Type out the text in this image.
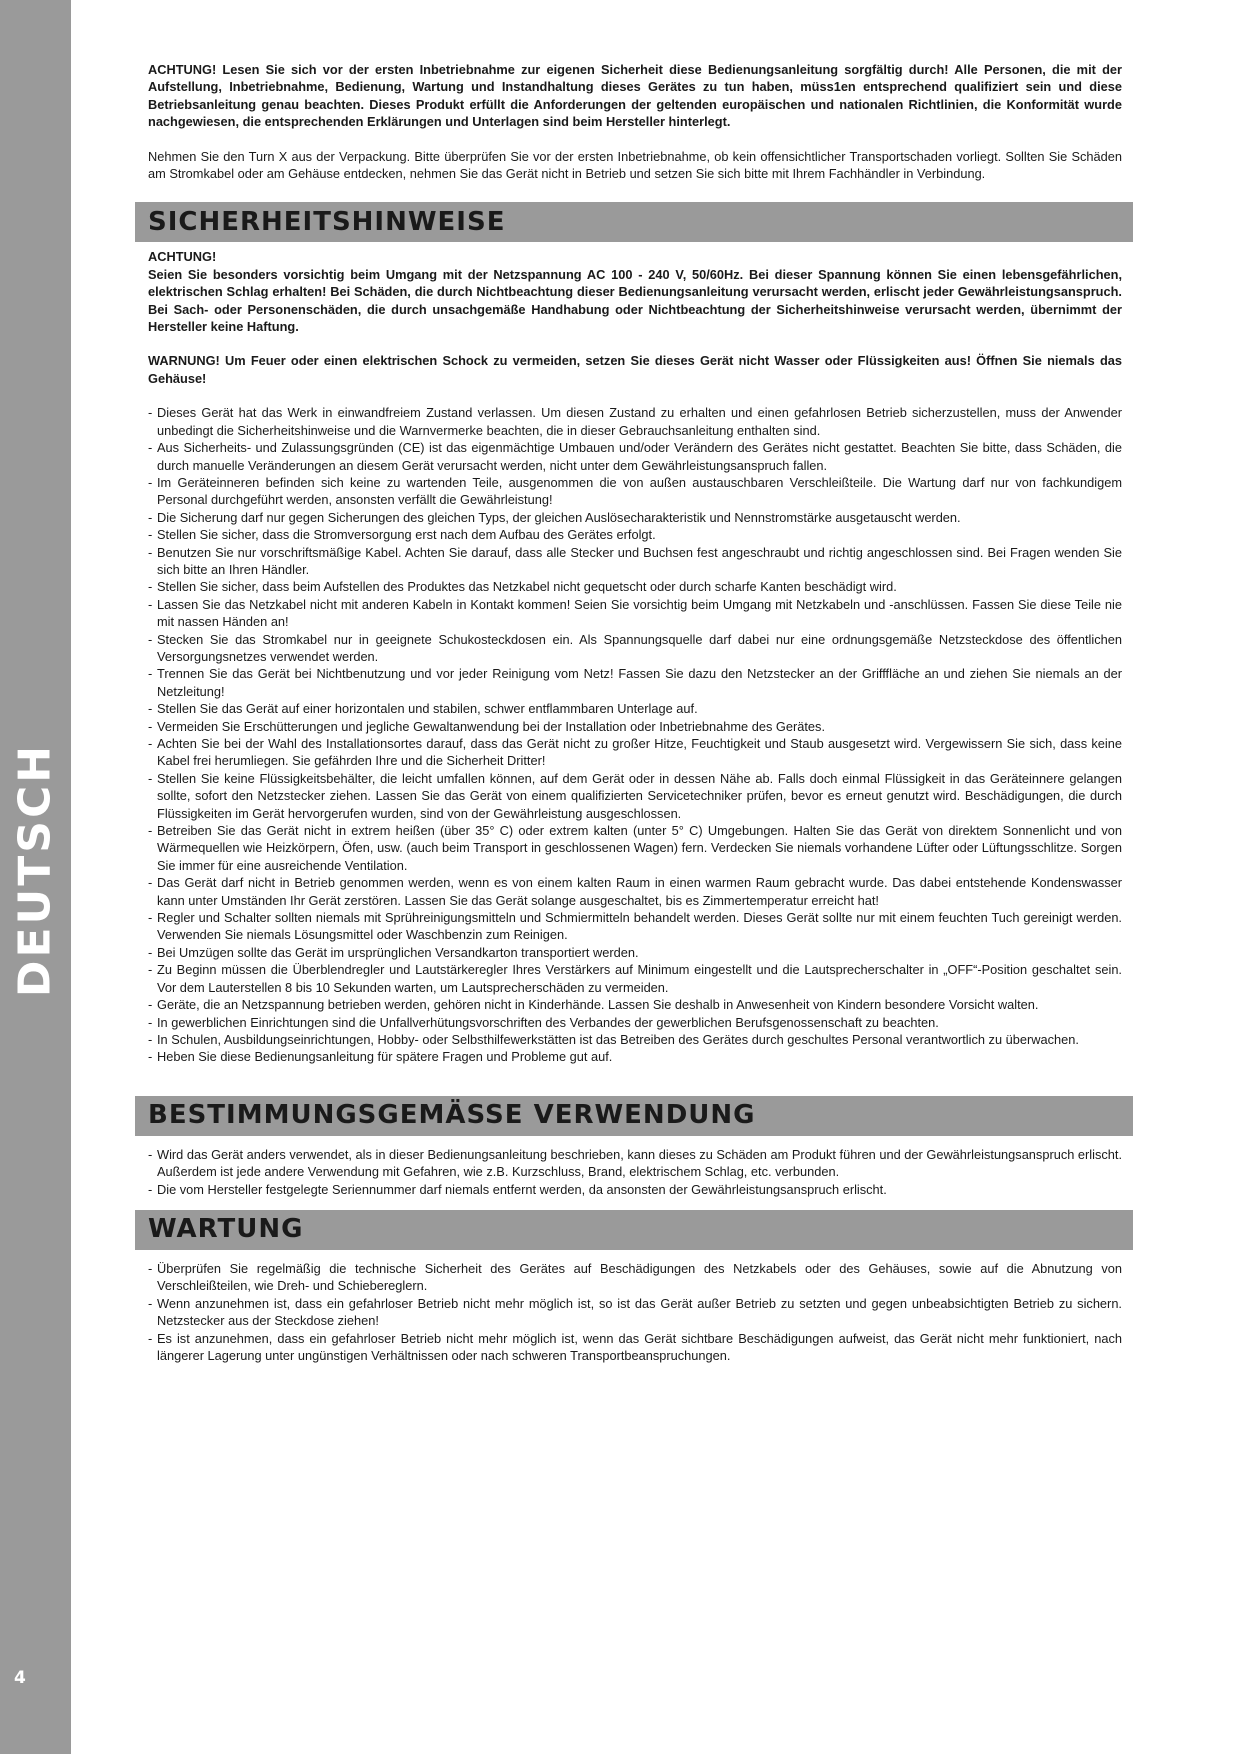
DEUTSCH
4

ACHTUNG! Lesen Sie sich vor der ersten Inbetriebnahme zur eigenen Sicherheit diese Bedienungsanleitung sorgfältig durch! Alle Personen, die mit der Aufstellung, Inbetriebnahme, Bedienung, Wartung und Instandhaltung dieses Gerätes zu tun haben, müss1en entsprechend qualifiziert sein und diese Betriebsanleitung genau beachten. Dieses Produkt erfüllt die Anforderungen der geltenden europäischen und nationalen Richtlinien, die Konformität wurde nachgewiesen, die entsprechenden Erklärungen und Unterlagen sind beim Hersteller hinterlegt.

Nehmen Sie den Turn X aus der Verpackung. Bitte überprüfen Sie vor der ersten Inbetriebnahme, ob kein offensichtlicher Transportschaden vorliegt. Sollten Sie Schäden am Stromkabel oder am Gehäuse entdecken, nehmen Sie das Gerät nicht in Betrieb und setzen Sie sich bitte mit Ihrem Fachhändler in Verbindung.

SICHERHEITSHINWEISE

ACHTUNG!

Seien Sie besonders vorsichtig beim Umgang mit der Netzspannung AC 100 - 240 V, 50/60Hz. Bei dieser Spannung können Sie einen lebensgefährlichen, elektrischen Schlag erhalten! Bei Schäden, die durch Nichtbeachtung dieser Bedienungsanleitung verursacht werden, erlischt jeder Gewährleistungsanspruch. Bei Sach- oder Personenschäden, die durch unsachgemäße Handhabung oder Nichtbeachtung der Sicherheitshinweise verursacht werden, übernimmt der Hersteller keine Haftung.

WARNUNG! Um Feuer oder einen elektrischen Schock zu vermeiden, setzen Sie dieses Gerät nicht Wasser oder Flüssigkeiten aus! Öffnen Sie niemals das Gehäuse!

- Dieses Gerät hat das Werk in einwandfreiem Zustand verlassen. Um diesen Zustand zu erhalten und einen gefahrlosen Betrieb sicherzustellen, muss der Anwender unbedingt die Sicherheitshinweise und die Warnvermerke beachten, die in dieser Gebrauchsanleitung enthalten sind.
- Aus Sicherheits- und Zulassungsgründen (CE) ist das eigenmächtige Umbauen und/oder Verändern des Gerätes nicht gestattet. Beachten Sie bitte, dass Schäden, die durch manuelle Veränderungen an diesem Gerät verursacht werden, nicht unter dem Gewährleistungsanspruch fallen.
- Im Geräteinneren befinden sich keine zu wartenden Teile, ausgenommen die von außen austauschbaren Verschleißteile. Die Wartung darf nur von fachkundigem Personal durchgeführt werden, ansonsten verfällt die Gewährleistung!
- Die Sicherung darf nur gegen Sicherungen des gleichen Typs, der gleichen Auslösecharakteristik und Nennstromstärke ausgetauscht werden.
- Stellen Sie sicher, dass die Stromversorgung erst nach dem Aufbau des Gerätes erfolgt.
- Benutzen Sie nur vorschriftsmäßige Kabel. Achten Sie darauf, dass alle Stecker und Buchsen fest angeschraubt und richtig angeschlossen sind. Bei Fragen wenden Sie sich bitte an Ihren Händler.
- Stellen Sie sicher, dass beim Aufstellen des Produktes das Netzkabel nicht gequetscht oder durch scharfe Kanten beschädigt wird.
- Lassen Sie das Netzkabel nicht mit anderen Kabeln in Kontakt kommen! Seien Sie vorsichtig beim Umgang mit Netzkabeln und -anschlüssen. Fassen Sie diese Teile nie mit nassen Händen an!
- Stecken Sie das Stromkabel nur in geeignete Schukosteckdosen ein. Als Spannungsquelle darf dabei nur eine ordnungsgemäße Netzsteckdose des öffentlichen Versorgungsnetzes verwendet werden.
- Trennen Sie das Gerät bei Nichtbenutzung und vor jeder Reinigung vom Netz! Fassen Sie dazu den Netzstecker an der Grifffläche an und ziehen Sie niemals an der Netzleitung!
- Stellen Sie das Gerät auf einer horizontalen und stabilen, schwer entflammbaren Unterlage auf.
- Vermeiden Sie Erschütterungen und jegliche Gewaltanwendung bei der Installation oder Inbetriebnahme des Gerätes.
- Achten Sie bei der Wahl des Installationsortes darauf, dass das Gerät nicht zu großer Hitze, Feuchtigkeit und Staub ausgesetzt wird. Vergewissern Sie sich, dass keine Kabel frei herumliegen. Sie gefährden Ihre und die Sicherheit Dritter!
- Stellen Sie keine Flüssigkeitsbehälter, die leicht umfallen können, auf dem Gerät oder in dessen Nähe ab. Falls doch einmal Flüssigkeit in das Geräteinnere gelangen sollte, sofort den Netzstecker ziehen. Lassen Sie das Gerät von einem qualifizierten Servicetechniker prüfen, bevor es erneut genutzt wird. Beschädigungen, die durch Flüssigkeiten im Gerät hervorgerufen wurden, sind von der Gewährleistung ausgeschlossen.
- Betreiben Sie das Gerät nicht in extrem heißen (über 35° C) oder extrem kalten (unter 5° C) Umgebungen. Halten Sie das Gerät von direktem Sonnenlicht und von Wärmequellen wie Heizkörpern, Öfen, usw. (auch beim Transport in geschlossenen Wagen) fern. Verdecken Sie niemals vorhandene Lüfter oder Lüftungsschlitze. Sorgen Sie immer für eine ausreichende Ventilation.
- Das Gerät darf nicht in Betrieb genommen werden, wenn es von einem kalten Raum in einen warmen Raum gebracht wurde. Das dabei entstehende Kondenswasser kann unter Umständen Ihr Gerät zerstören. Lassen Sie das Gerät solange ausgeschaltet, bis es Zimmertemperatur erreicht hat!
- Regler und Schalter sollten niemals mit Sprühreinigungsmitteln und Schmiermitteln behandelt werden. Dieses Gerät sollte nur mit einem feuchten Tuch gereinigt werden. Verwenden Sie niemals Lösungsmittel oder Waschbenzin zum Reinigen.
- Bei Umzügen sollte das Gerät im ursprünglichen Versandkarton transportiert werden.
- Zu Beginn müssen die Überblendregler und Lautstärkeregler Ihres Verstärkers auf Minimum eingestellt und die Lautsprecherschalter in „OFF“-Position geschaltet sein. Vor dem Lauterstellen 8 bis 10 Sekunden warten, um Lautsprecherschäden zu vermeiden.
- Geräte, die an Netzspannung betrieben werden, gehören nicht in Kinderhände. Lassen Sie deshalb in Anwesenheit von Kindern besondere Vorsicht walten.
- In gewerblichen Einrichtungen sind die Unfallverhütungsvorschriften des Verbandes der gewerblichen Berufsgenossenschaft zu beachten.
- In Schulen, Ausbildungseinrichtungen, Hobby- oder Selbsthilfewerkstätten ist das Betreiben des Gerätes durch geschultes Personal verantwortlich zu überwachen.
- Heben Sie diese Bedienungsanleitung für spätere Fragen und Probleme gut auf.
BESTIMMUNGSGEMÄSSE VERWENDUNG
- Wird das Gerät anders verwendet, als in dieser Bedienungsanleitung beschrieben, kann dieses zu Schäden am Produkt führen und der Gewährleistungsanspruch erlischt. Außerdem ist jede andere Verwendung mit Gefahren, wie z.B. Kurzschluss, Brand, elektrischem Schlag, etc. verbunden.
- Die vom Hersteller festgelegte Seriennummer darf niemals entfernt werden, da ansonsten der Gewährleistungsanspruch erlischt.
WARTUNG
- Überprüfen Sie regelmäßig die technische Sicherheit des Gerätes auf Beschädigungen des Netzkabels oder des Gehäuses, sowie auf die Abnutzung von Verschleißteilen, wie Dreh- und Schiebereglern.
- Wenn anzunehmen ist, dass ein gefahrloser Betrieb nicht mehr möglich ist, so ist das Gerät außer Betrieb zu setzten und gegen unbeabsichtigten Betrieb zu sichern. Netzstecker aus der Steckdose ziehen!
- Es ist anzunehmen, dass ein gefahrloser Betrieb nicht mehr möglich ist, wenn das Gerät sichtbare Beschädigungen aufweist, das Gerät nicht mehr funktioniert, nach längerer Lagerung unter ungünstigen Verhältnissen oder nach schweren Transportbeanspruchungen.
